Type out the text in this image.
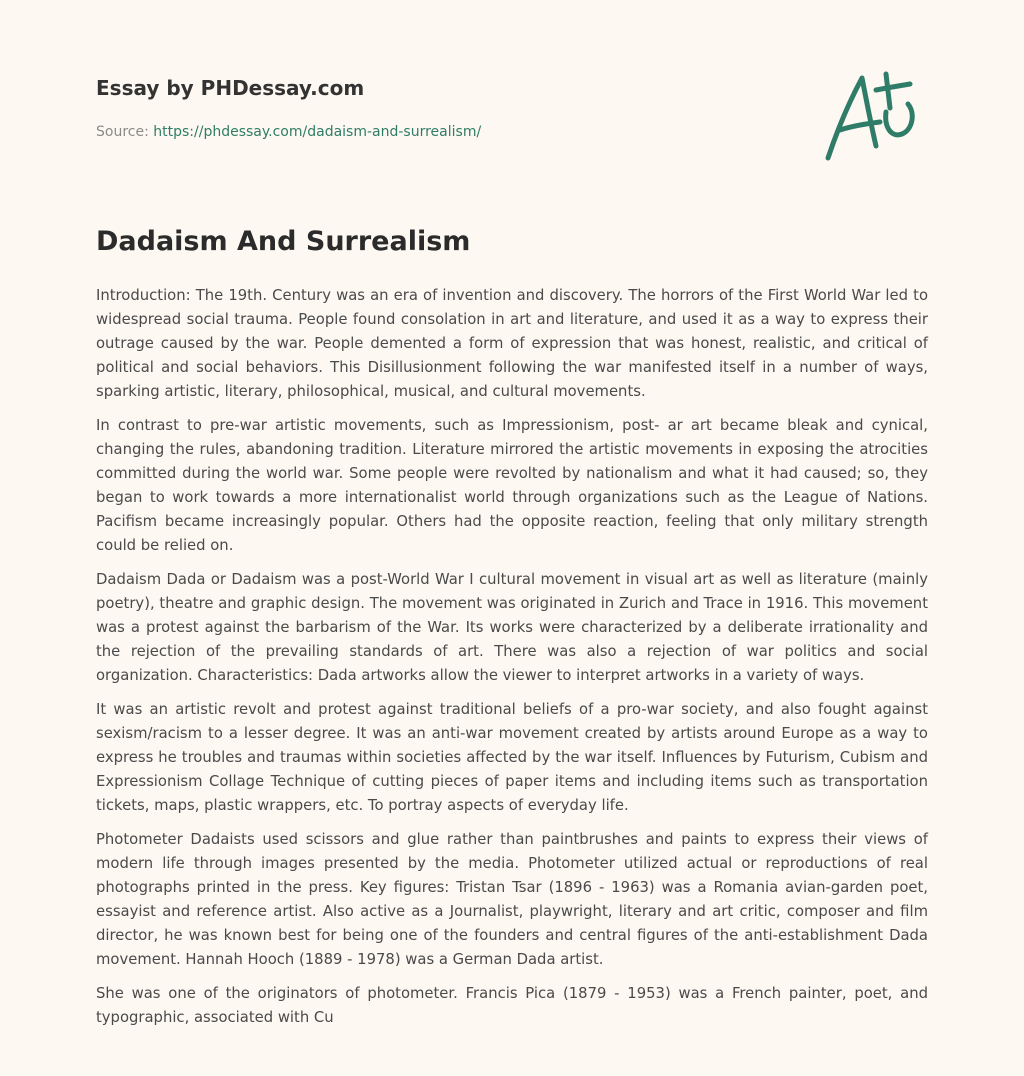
Essay by PHDessay.com
Source: https://phdessay.com/dadaism-and-surrealism/
Dadaism And Surrealism

Introduction: The 19th. Century was an era of invention and discovery. The horrors of the First World War led to widespread social trauma. People found consolation in art and literature, and used it as a way to express their outrage caused by the war. People demented a form of expression that was honest, realistic, and critical of political and social behaviors. This Disillusionment following the war manifested itself in a number of ways, sparking artistic, literary, philosophical, musical, and cultural movements.

In contrast to pre-war artistic movements, such as Impressionism, post- ar art became bleak and cynical, changing the rules, abandoning tradition. Literature mirrored the artistic movements in exposing the atrocities committed during the world war. Some people were revolted by nationalism and what it had caused; so, they began to work towards a more internationalist world through organizations such as the League of Nations. Pacifism became increasingly popular. Others had the opposite reaction, feeling that only military strength could be relied on.

Dadaism Dada or Dadaism was a post-World War I cultural movement in visual art as well as literature (mainly poetry), theatre and graphic design. The movement was originated in Zurich and Trace in 1916. This movement was a protest against the barbarism of the War. Its works were characterized by a deliberate irrationality and the rejection of the prevailing standards of art. There was also a rejection of war politics and social organization. Characteristics: Dada artworks allow the viewer to interpret artworks in a variety of ways.

It was an artistic revolt and protest against traditional beliefs of a pro-war society, and also fought against sexism/racism to a lesser degree. It was an anti-war movement created by artists around Europe as a way to express he troubles and traumas within societies affected by the war itself. Influences by Futurism, Cubism and Expressionism Collage Technique of cutting pieces of paper items and including items such as transportation tickets, maps, plastic wrappers, etc. To portray aspects of everyday life.

Photometer Dadaists used scissors and glue rather than paintbrushes and paints to express their views of modern life through images presented by the media. Photometer utilized actual or reproductions of real photographs printed in the press. Key figures: Tristan Tsar (1896 - 1963) was a Romania avian-garden poet, essayist and reference artist. Also active as a Journalist, playwright, literary and art critic, composer and film director, he was known best for being one of the founders and central figures of the anti-establishment Dada movement. Hannah Hooch (1889 - 1978) was a German Dada artist.

She was one of the originators of photometer. Francis Pica (1879 - 1953) was a French painter, poet, and typographic, associated with Cu
